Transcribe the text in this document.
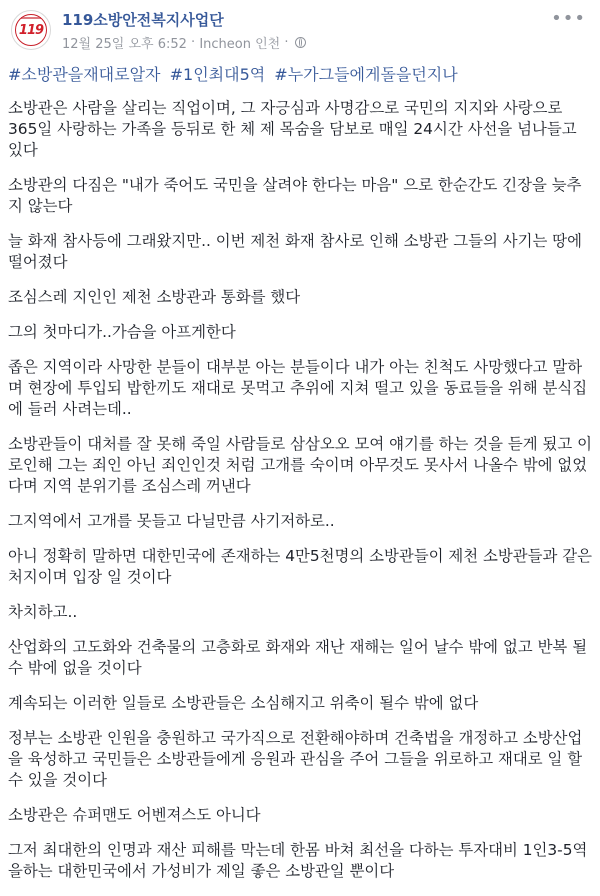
119
119소방안전복지사업단
12월 25일 오후 6:52 · Incheon 인천 ·
•••
#소방관을재대로알자 #1인최대5역 #누가그들에게돌을던지나

소방관은 사람을 살리는 직업이며, 그 자긍심과 사명감으로 국민의 지지와 사랑으로 365일 사랑하는 가족을 등뒤로 한 체 제 목숨을 담보로 매일 24시간 사선을 넘나들고 있다

소방관의 다짐은 "내가 죽어도 국민을 살려야 한다는 마음" 으로 한순간도 긴장을 늦추지 않는다

늘 화재 참사등에 그래왔지만.. 이번 제천 화재 참사로 인해 소방관 그들의 사기는 땅에 떨어졌다

조심스레 지인인 제천 소방관과 통화를 했다

그의 첫마디가..가슴을 아프게한다

좁은 지역이라 사망한 분들이 대부분 아는 분들이다 내가 아는 친척도 사망했다고 말하며 현장에 투입되 밥한끼도 재대로 못먹고 추위에 지쳐 떨고 있을 동료들을 위해 분식집에 들러 사려는데..

소방관들이 대처를 잘 못해 죽일 사람들로 삼삼오오 모여 얘기를 하는 것을 듣게 됬고 이로인해 그는 죄인 아닌 죄인인것 처럼 고개를 숙이며 아무것도 못사서 나올수 밖에 없었다며 지역 분위기를 조심스레 꺼낸다

그지역에서 고개를 못들고 다닐만큼 사기저하로..

아니 정확히 말하면 대한민국에 존재하는 4만5천명의 소방관들이 제천 소방관들과 같은 처지이며 입장 일 것이다

차치하고..

산업화의 고도화와 건축물의 고층화로 화재와 재난 재해는 일어 날수 밖에 없고 반복 될수 밖에 없을 것이다

계속되는 이러한 일들로 소방관들은 소심해지고 위축이 될수 밖에 없다

정부는 소방관 인원을 충원하고 국가직으로 전환해야하며 건축법을 개정하고 소방산업을 육성하고 국민들은 소방관들에게 응원과 관심을 주어 그들을 위로하고 재대로 일 할수 있을 것이다

소방관은 슈퍼맨도 어벤져스도 아니다

그저 최대한의 인명과 재산 피해를 막는데 한몸 바쳐 최선을 다하는 투자대비 1인3-5역을하는 대한민국에서 가성비가 제일 좋은 소방관일 뿐이다
